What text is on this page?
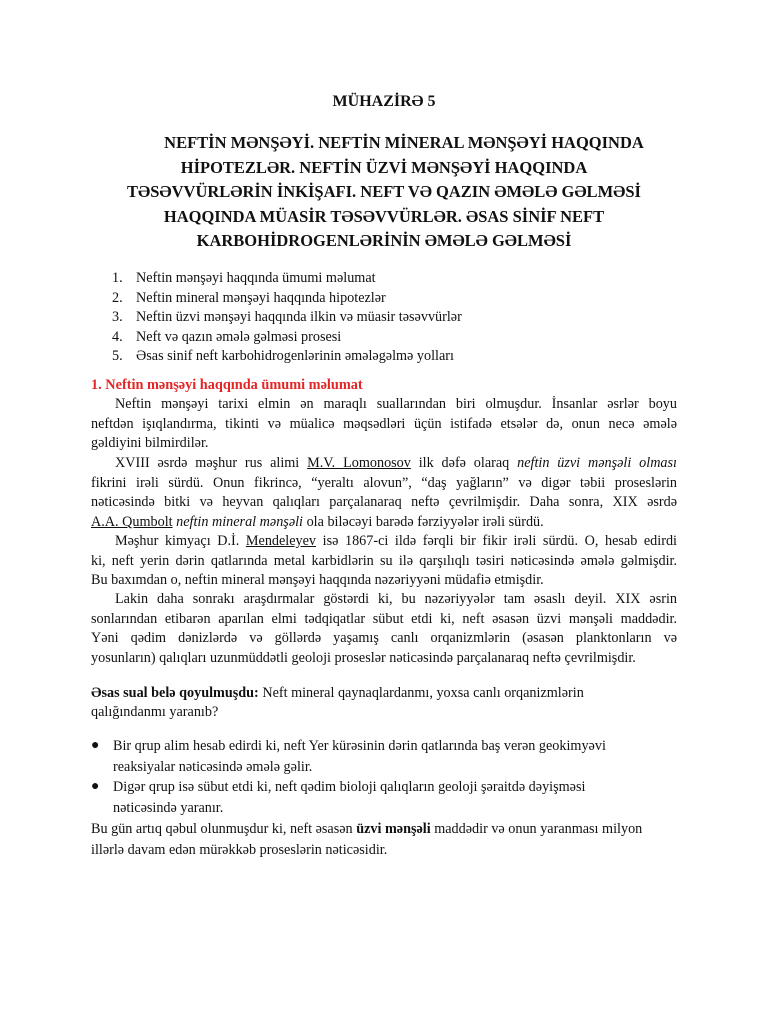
MÜHAZİRƏ 5
NEFTİN MƏNŞƏYİ. NEFTİN MİNERAL MƏNŞƏYİ HAQQINDA
HİPOTEZLƏR. NEFTİN ÜZVİ MƏNŞƏYİ HAQQINDA
TƏSƏVVÜRLƏRİN İNKİŞAFI. NEFT VƏ QAZIN ƏMƏLƏ GƏLMƏSİ
HAQQINDA MÜASİR TƏSƏVVÜRLƏR. ƏSAS SİNİF NEFT
KARBOHİDROGENLƏRİNİN ƏMƏLƏ GƏLMƏSİ
1. Neftin mənşəyi haqqında ümumi məlumat
2. Neftin mineral mənşəyi haqqında hipotezlər
3. Neftin üzvi mənşəyi haqqında ilkin və müasir təsəvvürlər
4. Neft və qazın əmələ gəlməsi prosesi
5. Əsas sinif neft karbohidrogenlərinin əmələgəlmə yolları
1. Neftin mənşəyi haqqında ümumi məlumat
Neftin mənşəyi tarixi elmin ən maraqlı suallarından biri olmuşdur. İnsanlar əsrlər boyu
neftdən işıqlandırma, tikinti və müalicə məqsədləri üçün istifadə etsələr də, onun necə əmələ
gəldiyini bilmirdilər.
XVIII əsrdə məşhur rus alimi M.V. Lomonosov ilk dəfə olaraq neftin üzvi mənşəli olması
fikrini irəli sürdü. Onun fikrincə, “yeraltı alovun”, “daş yağların” və digər təbii proseslərin
nəticəsində bitki və heyvan qalıqları parçalanaraq neftə çevrilmişdir. Daha sonra, XIX əsrdə
A.A. Qumbolt neftin mineral mənşəli ola biləcəyi barədə fərziyyələr irəli sürdü.
Məşhur kimyaçı D.İ. Mendeleyev isə 1867-ci ildə fərqli bir fikir irəli sürdü. O, hesab edirdi
ki, neft yerin dərin qatlarında metal karbidlərin su ilə qarşılıqlı təsiri nəticəsində əmələ gəlmişdir.
Bu baxımdan o, neftin mineral mənşəyi haqqında nəzəriyyəni müdafiə etmişdir.
Lakin daha sonrakı araşdırmalar göstərdi ki, bu nəzəriyyələr tam əsaslı deyil. XIX əsrin
sonlarından etibarən aparılan elmi tədqiqatlar sübut etdi ki, neft əsasən üzvi mənşəli maddədir.
Yəni qədim dənizlərdə və göllərdə yaşamış canlı orqanizmlərin (əsasən planktonların və
yosunların) qalıqları uzunmüddətli geoloji proseslər nəticəsində parçalanaraq neftə çevrilmişdir.
Əsas sual belə qoyulmuşdu: Neft mineral qaynaqlardanmı, yoxsa canlı orqanizmlərin
qalığındanmı yaranıb?
● Bir qrup alim hesab edirdi ki, neft Yer kürəsinin dərin qatlarında baş verən geokimyəvi
reaksiyalar nəticəsində əmələ gəlir.
● Digər qrup isə sübut etdi ki, neft qədim bioloji qalıqların geoloji şəraitdə dəyişməsi
nəticəsində yaranır.
Bu gün artıq qəbul olunmuşdur ki, neft əsasən üzvi mənşəli maddədir və onun yaranması milyon
illərlə davam edən mürəkkəb proseslərin nəticəsidir.
